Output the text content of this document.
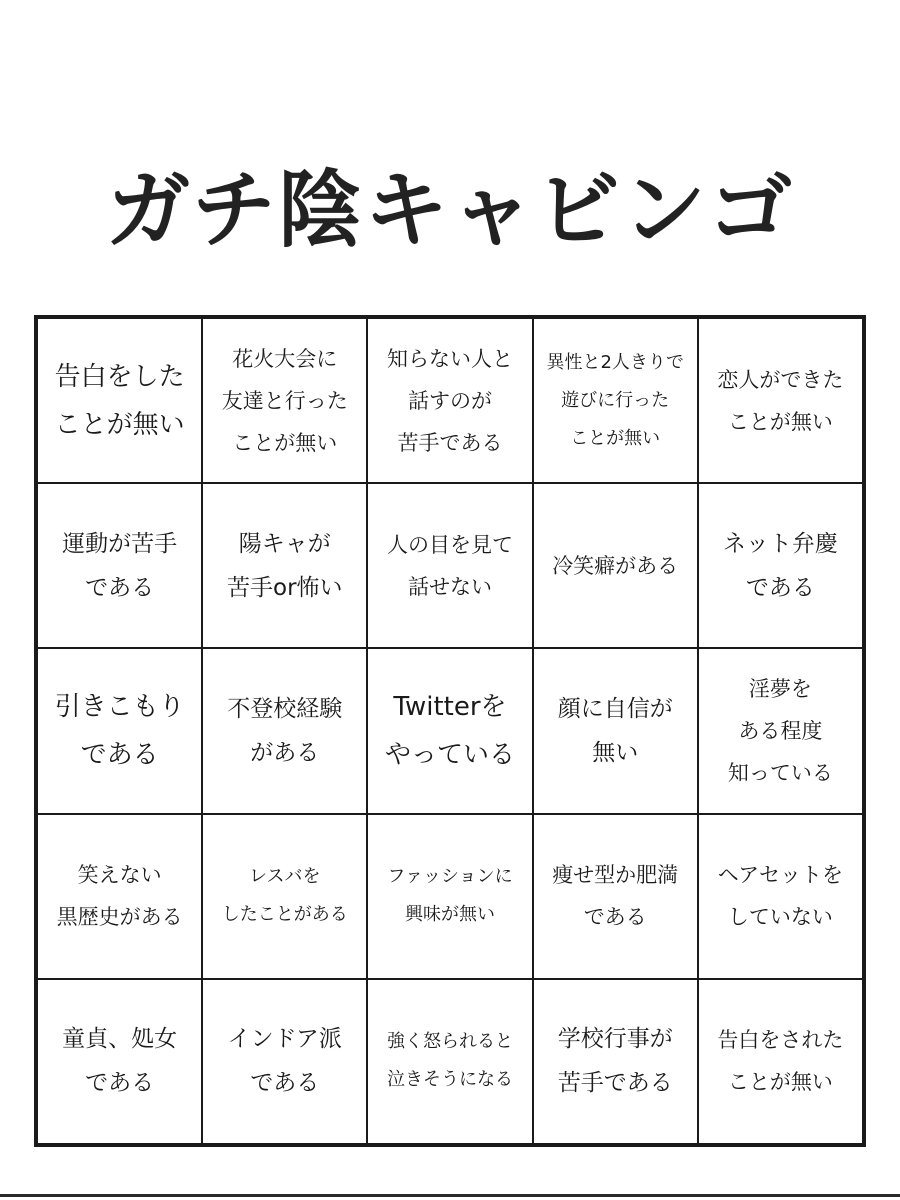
ガチ陰キャビンゴ
告白をした
ことが無い
花火大会に
友達と行った
ことが無い
知らない人と
話すのが
苦手である
異性と2人きりで
遊びに行った
ことが無い
恋人ができた
ことが無い
運動が苦手
である
陽キャが
苦手or怖い
人の目を見て
話せない
冷笑癖がある
ネット弁慶
である
引きこもり
である
不登校経験
がある
Twitterを
やっている
顔に自信が
無い
淫夢を
ある程度
知っている
笑えない
黒歴史がある
レスバを
したことがある
ファッションに
興味が無い
痩せ型か肥満
である
ヘアセットを
していない
童貞、処女
である
インドア派
である
強く怒られると
泣きそうになる
学校行事が
苦手である
告白をされた
ことが無い
